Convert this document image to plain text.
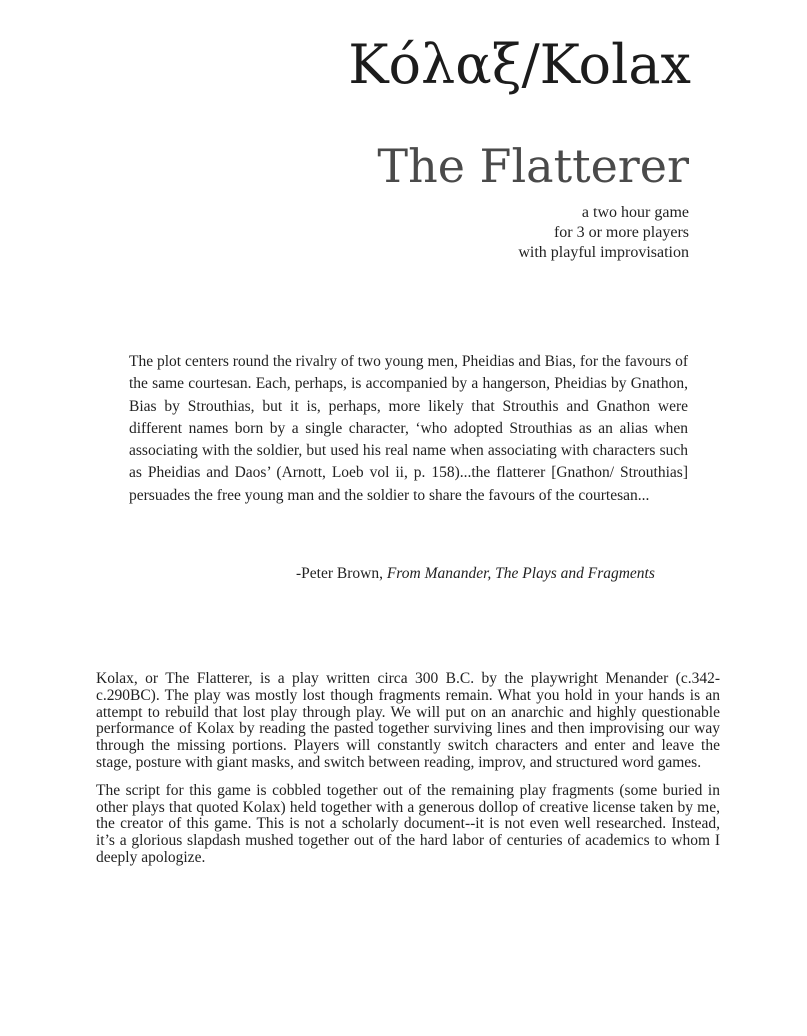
Κόλαξ/Kolax
The Flatterer
a two hour game
for 3 or more players
with playful improvisation

The plot centers round the rivalry of two young men, Pheidias and Bias, for the favours of the same courtesan. Each, perhaps, is accompanied by a hangerson, Pheidias by Gnathon, Bias by Strouthias, but it is, perhaps, more likely that Strouthis and Gnathon were different names born by a single character, ‘who adopted Strouthias as an alias when associating with the soldier, but used his real name when associating with characters such as Pheidias and Daos’ (Arnott, Loeb vol ii, p. 158)...the flatterer [Gnathon/ Strouthias] persuades the free young man and the soldier to share the favours of the courtesan...

-Peter Brown, From Manander, The Plays and Fragments

Kolax, or The Flatterer, is a play written circa 300 B.C. by the playwright Menander (c.342-c.290BC). The play was mostly lost though fragments remain. What you hold in your hands is an attempt to rebuild that lost play through play. We will put on an anarchic and highly questionable performance of Kolax by reading the pasted together surviving lines and then improvising our way through the missing portions. Players will constantly switch characters and enter and leave the stage, posture with giant masks, and switch between reading, improv, and structured word games.

The script for this game is cobbled together out of the remaining play fragments (some buried in other plays that quoted Kolax) held together with a generous dollop of creative license taken by me, the creator of this game. This is not a scholarly document--it is not even well researched. Instead, it’s a glorious slapdash mushed together out of the hard labor of centuries of academics to whom I deeply apologize.
